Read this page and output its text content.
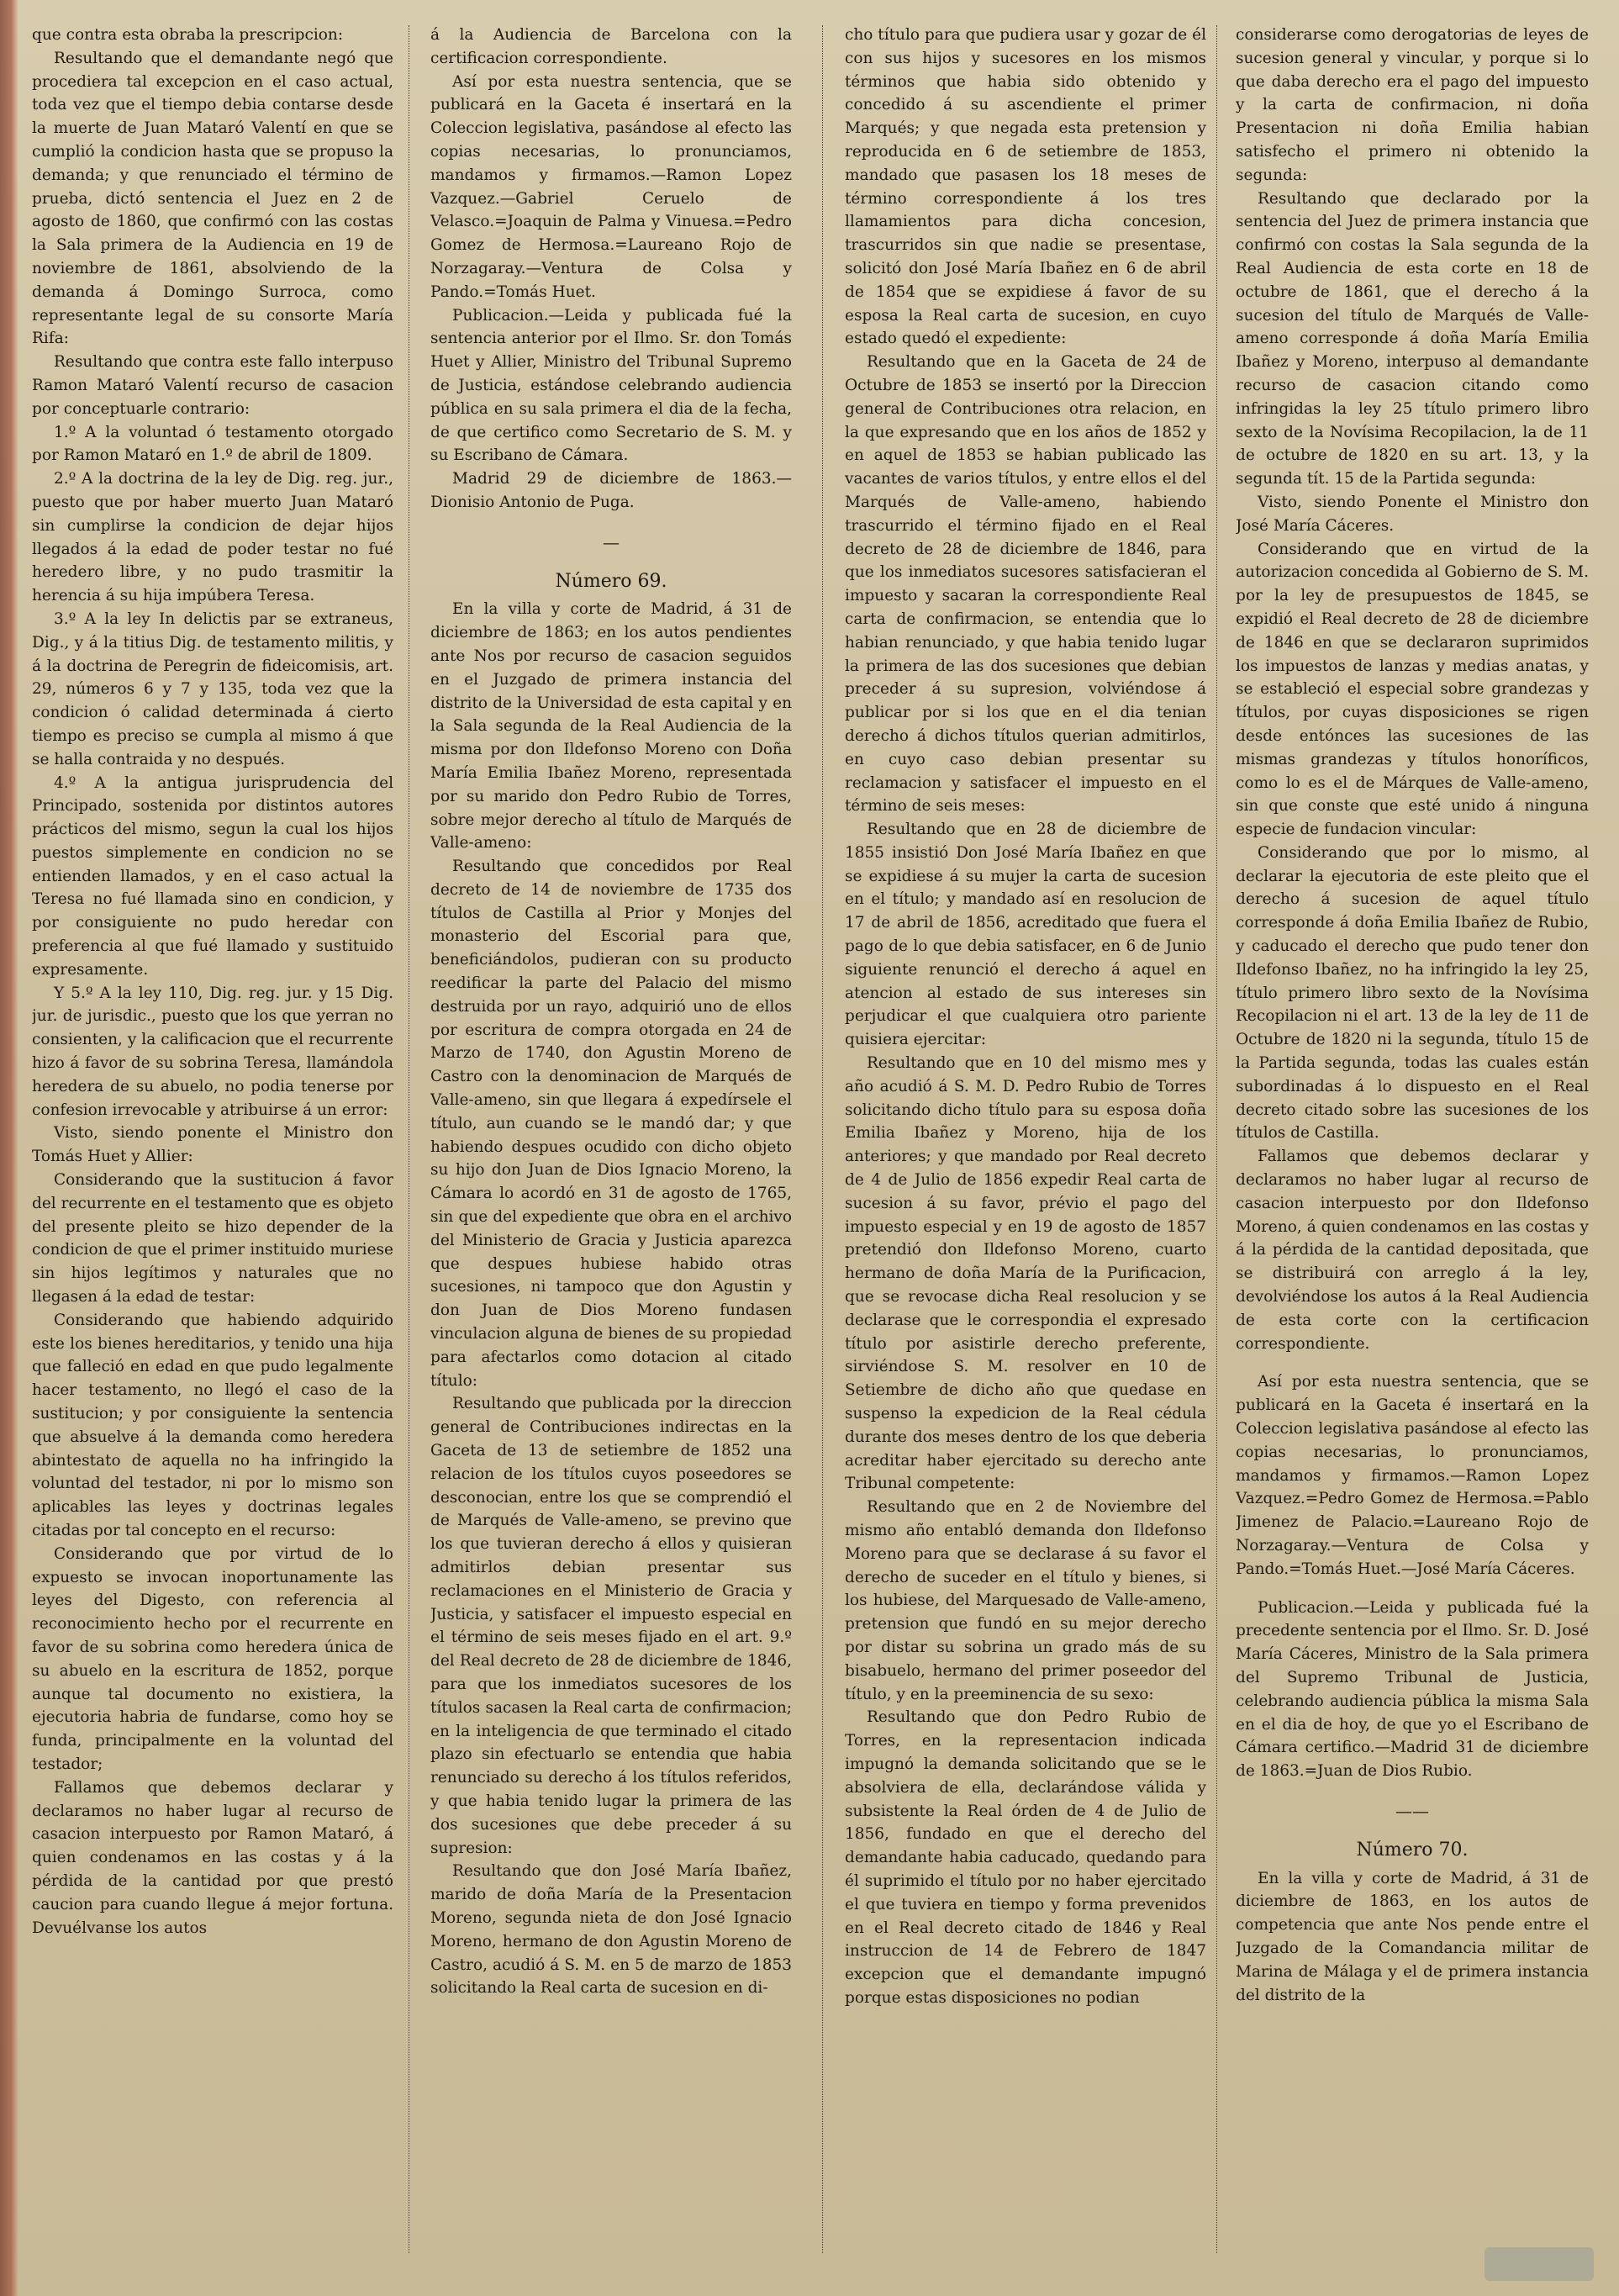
que contra esta obraba la prescripcion:

Resultando que el demandante negó que procediera tal excepcion en el caso actual, toda vez que el tiempo debia contarse desde la muerte de Juan Mataró Valentí en que se cumplió la condicion hasta que se propuso la demanda; y que renunciado el término de prueba, dictó sentencia el Juez en 2 de agosto de 1860, que confirmó con las costas la Sala primera de la Audiencia en 19 de noviembre de 1861, absolviendo de la demanda á Domingo Surroca, como representante legal de su consorte María Rifa:

Resultando que contra este fallo interpuso Ramon Mataró Valentí recurso de casacion por conceptuarle contrario:

1.º A la voluntad ó testamento otorgado por Ramon Mataró en 1.º de abril de 1809.

2.º A la doctrina de la ley de Dig. reg. jur., puesto que por haber muerto Juan Mataró sin cumplirse la condicion de dejar hijos llegados á la edad de poder testar no fué heredero libre, y no pudo trasmitir la herencia á su hija impúbera Teresa.

3.º A la ley In delictis par se extraneus, Dig., y á la titius Dig. de testamento militis, y á la doctrina de Peregrin de fideicomisis, art. 29, números 6 y 7 y 135, toda vez que la condicion ó calidad determinada á cierto tiempo es preciso se cumpla al mismo á que se halla contraida y no después.

4.º A la antigua jurisprudencia del Principado, sostenida por distintos autores prácticos del mismo, segun la cual los hijos puestos simplemente en condicion no se entienden llamados, y en el caso actual la Teresa no fué llamada sino en condicion, y por consiguiente no pudo heredar con preferencia al que fué llamado y sustituido expresamente.

Y 5.º A la ley 110, Dig. reg. jur. y 15 Dig. jur. de jurisdic., puesto que los que yerran no consienten, y la calificacion que el recurrente hizo á favor de su sobrina Teresa, llamándola heredera de su abuelo, no podia tenerse por confesion irrevocable y atribuirse á un error:

Visto, siendo ponente el Ministro don Tomás Huet y Allier:

Considerando que la sustitucion á favor del recurrente en el testamento que es objeto del presente pleito se hizo depender de la condicion de que el primer instituido muriese sin hijos legítimos y naturales que no llegasen á la edad de testar:

Considerando que habiendo adquirido este los bienes hereditarios, y tenido una hija que falleció en edad en que pudo legalmente hacer testamento, no llegó el caso de la sustitucion; y por consiguiente la sentencia que absuelve á la demanda como heredera abintestato de aquella no ha infringido la voluntad del testador, ni por lo mismo son aplicables las leyes y doctrinas legales citadas por tal concepto en el recurso:

Considerando que por virtud de lo expuesto se invocan inoportunamente las leyes del Digesto, con referencia al reconocimiento hecho por el recurrente en favor de su sobrina como heredera única de su abuelo en la escritura de 1852, porque aunque tal documento no existiera, la ejecutoria habria de fundarse, como hoy se funda, principalmente en la voluntad del testador;

Fallamos que debemos declarar y declaramos no haber lugar al recurso de casacion interpuesto por Ramon Mataró, á quien condenamos en las costas y á la pérdida de la cantidad por que prestó caucion para cuando llegue á mejor fortuna. Devuélvanse los autos

á la Audiencia de Barcelona con la certificacion correspondiente.

Así por esta nuestra sentencia, que se publicará en la Gaceta é insertará en la Coleccion legislativa, pasándose al efecto las copias necesarias, lo pronunciamos, mandamos y firmamos.—Ramon Lopez Vazquez.—Gabriel Ceruelo de Velasco.=Joaquin de Palma y Vinuesa.=Pedro Gomez de Hermosa.=Laureano Rojo de Norzagaray.—Ventura de Colsa y Pando.=Tomás Huet.

Publicacion.—Leida y publicada fué la sentencia anterior por el Ilmo. Sr. don Tomás Huet y Allier, Ministro del Tribunal Supremo de Justicia, estándose celebrando audiencia pública en su sala primera el dia de la fecha, de que certifico como Secretario de S. M. y su Escribano de Cámara.

Madrid 29 de diciembre de 1863.—Dionisio Antonio de Puga.

—

Número 69.

En la villa y corte de Madrid, á 31 de diciembre de 1863; en los autos pendientes ante Nos por recurso de casacion seguidos en el Juzgado de primera instancia del distrito de la Universidad de esta capital y en la Sala segunda de la Real Audiencia de la misma por don Ildefonso Moreno con Doña María Emilia Ibañez Moreno, representada por su marido don Pedro Rubio de Torres, sobre mejor derecho al título de Marqués de Valle-ameno:

Resultando que concedidos por Real decreto de 14 de noviembre de 1735 dos títulos de Castilla al Prior y Monjes del monasterio del Escorial para que, beneficiándolos, pudieran con su producto reedificar la parte del Palacio del mismo destruida por un rayo, adquirió uno de ellos por escritura de compra otorgada en 24 de Marzo de 1740, don Agustin Moreno de Castro con la denominacion de Marqués de Valle-ameno, sin que llegara á expedírsele el título, aun cuando se le mandó dar; y que habiendo despues ocudido con dicho objeto su hijo don Juan de Dios Ignacio Moreno, la Cámara lo acordó en 31 de agosto de 1765, sin que del expediente que obra en el archivo del Ministerio de Gracia y Justicia aparezca que despues hubiese habido otras sucesiones, ni tampoco que don Agustin y don Juan de Dios Moreno fundasen vinculacion alguna de bienes de su propiedad para afectarlos como dotacion al citado título:

Resultando que publicada por la direccion general de Contribuciones indirectas en la Gaceta de 13 de setiembre de 1852 una relacion de los títulos cuyos poseedores se desconocian, entre los que se comprendió el de Marqués de Valle-ameno, se previno que los que tuvieran derecho á ellos y quisieran admitirlos debian presentar sus reclamaciones en el Ministerio de Gracia y Justicia, y satisfacer el impuesto especial en el término de seis meses fijado en el art. 9.º del Real decreto de 28 de diciembre de 1846, para que los inmediatos sucesores de los títulos sacasen la Real carta de confirmacion; en la inteligencia de que terminado el citado plazo sin efectuarlo se entendia que habia renunciado su derecho á los títulos referidos, y que habia tenido lugar la primera de las dos sucesiones que debe preceder á su supresion:

Resultando que don José María Ibañez, marido de doña María de la Presentacion Moreno, segunda nieta de don José Ignacio Moreno, hermano de don Agustin Moreno de Castro, acudió á S. M. en 5 de marzo de 1853 solicitando la Real carta de sucesion en di-

cho título para que pudiera usar y gozar de él con sus hijos y sucesores en los mismos términos que habia sido obtenido y concedido á su ascendiente el primer Marqués; y que negada esta pretension y reproducida en 6 de setiembre de 1853, mandado que pasasen los 18 meses de término correspondiente á los tres llamamientos para dicha concesion, trascurridos sin que nadie se presentase, solicitó don José María Ibañez en 6 de abril de 1854 que se expidiese á favor de su esposa la Real carta de sucesion, en cuyo estado quedó el expediente:

Resultando que en la Gaceta de 24 de Octubre de 1853 se insertó por la Direccion general de Contribuciones otra relacion, en la que expresando que en los años de 1852 y en aquel de 1853 se habian publicado las vacantes de varios títulos, y entre ellos el del Marqués de Valle-ameno, habiendo trascurrido el término fijado en el Real decreto de 28 de diciembre de 1846, para que los inmediatos sucesores satisfacieran el impuesto y sacaran la correspondiente Real carta de confirmacion, se entendia que lo habian renunciado, y que habia tenido lugar la primera de las dos sucesiones que debian preceder á su supresion, volviéndose á publicar por si los que en el dia tenian derecho á dichos títulos querian admitirlos, en cuyo caso debian presentar su reclamacion y satisfacer el impuesto en el término de seis meses:

Resultando que en 28 de diciembre de 1855 insistió Don José María Ibañez en que se expidiese á su mujer la carta de sucesion en el título; y mandado así en resolucion de 17 de abril de 1856, acreditado que fuera el pago de lo que debia satisfacer, en 6 de Junio siguiente renunció el derecho á aquel en atencion al estado de sus intereses sin perjudicar el que cualquiera otro pariente quisiera ejercitar:

Resultando que en 10 del mismo mes y año acudió á S. M. D. Pedro Rubio de Torres solicitando dicho título para su esposa doña Emilia Ibañez y Moreno, hija de los anteriores; y que mandado por Real decreto de 4 de Julio de 1856 expedir Real carta de sucesion á su favor, prévio el pago del impuesto especial y en 19 de agosto de 1857 pretendió don Ildefonso Moreno, cuarto hermano de doña María de la Purificacion, que se revocase dicha Real resolucion y se declarase que le correspondia el expresado título por asistirle derecho preferente, sirviéndose S. M. resolver en 10 de Setiembre de dicho año que quedase en suspenso la expedicion de la Real cédula durante dos meses dentro de los que deberia acreditar haber ejercitado su derecho ante Tribunal competente:

Resultando que en 2 de Noviembre del mismo año entabló demanda don Ildefonso Moreno para que se declarase á su favor el derecho de suceder en el título y bienes, si los hubiese, del Marquesado de Valle-ameno, pretension que fundó en su mejor derecho por distar su sobrina un grado más de su bisabuelo, hermano del primer poseedor del título, y en la preeminencia de su sexo:

Resultando que don Pedro Rubio de Torres, en la representacion indicada impugnó la demanda solicitando que se le absolviera de ella, declarándose válida y subsistente la Real órden de 4 de Julio de 1856, fundado en que el derecho del demandante habia caducado, quedando para él suprimido el título por no haber ejercitado el que tuviera en tiempo y forma prevenidos en el Real decreto citado de 1846 y Real instruccion de 14 de Febrero de 1847 excepcion que el demandante impugnó porque estas disposiciones no podian

considerarse como derogatorias de leyes de sucesion general y vincular, y porque si lo que daba derecho era el pago del impuesto y la carta de confirmacion, ni doña Presentacion ni doña Emilia habian satisfecho el primero ni obtenido la segunda:

Resultando que declarado por la sentencia del Juez de primera instancia que confirmó con costas la Sala segunda de la Real Audiencia de esta corte en 18 de octubre de 1861, que el derecho á la sucesion del título de Marqués de Valle-ameno corresponde á doña María Emilia Ibañez y Moreno, interpuso al demandante recurso de casacion citando como infringidas la ley 25 título primero libro sexto de la Novísima Recopilacion, la de 11 de octubre de 1820 en su art. 13, y la segunda tít. 15 de la Partida segunda:

Visto, siendo Ponente el Ministro don José María Cáceres.

Considerando que en virtud de la autorizacion concedida al Gobierno de S. M. por la ley de presupuestos de 1845, se expidió el Real decreto de 28 de diciembre de 1846 en que se declararon suprimidos los impuestos de lanzas y medias anatas, y se estableció el especial sobre grandezas y títulos, por cuyas disposiciones se rigen desde entónces las sucesiones de las mismas grandezas y títulos honoríficos, como lo es el de Márques de Valle-ameno, sin que conste que esté unido á ninguna especie de fundacion vincular:

Considerando que por lo mismo, al declarar la ejecutoria de este pleito que el derecho á sucesion de aquel título corresponde á doña Emilia Ibañez de Rubio, y caducado el derecho que pudo tener don Ildefonso Ibañez, no ha infringido la ley 25, título primero libro sexto de la Novísima Recopilacion ni el art. 13 de la ley de 11 de Octubre de 1820 ni la segunda, título 15 de la Partida segunda, todas las cuales están subordinadas á lo dispuesto en el Real decreto citado sobre las sucesiones de los títulos de Castilla.

Fallamos que debemos declarar y declaramos no haber lugar al recurso de casacion interpuesto por don Ildefonso Moreno, á quien condenamos en las costas y á la pérdida de la cantidad depositada, que se distribuirá con arreglo á la ley, devolviéndose los autos á la Real Audiencia de esta corte con la certificacion correspondiente.

Así por esta nuestra sentencia, que se publicará en la Gaceta é insertará en la Coleccion legislativa pasándose al efecto las copias necesarias, lo pronunciamos, mandamos y firmamos.—Ramon Lopez Vazquez.=Pedro Gomez de Hermosa.=Pablo Jimenez de Palacio.=Laureano Rojo de Norzagaray.—Ventura de Colsa y Pando.=Tomás Huet.—José María Cáceres.

Publicacion.—Leida y publicada fué la precedente sentencia por el Ilmo. Sr. D. José María Cáceres, Ministro de la Sala primera del Supremo Tribunal de Justicia, celebrando audiencia pública la misma Sala en el dia de hoy, de que yo el Escribano de Cámara certifico.—Madrid 31 de diciembre de 1863.=Juan de Dios Rubio.

——

Número 70.

En la villa y corte de Madrid, á 31 de diciembre de 1863, en los autos de competencia que ante Nos pende entre el Juzgado de la Comandancia militar de Marina de Málaga y el de primera instancia del distrito de la
